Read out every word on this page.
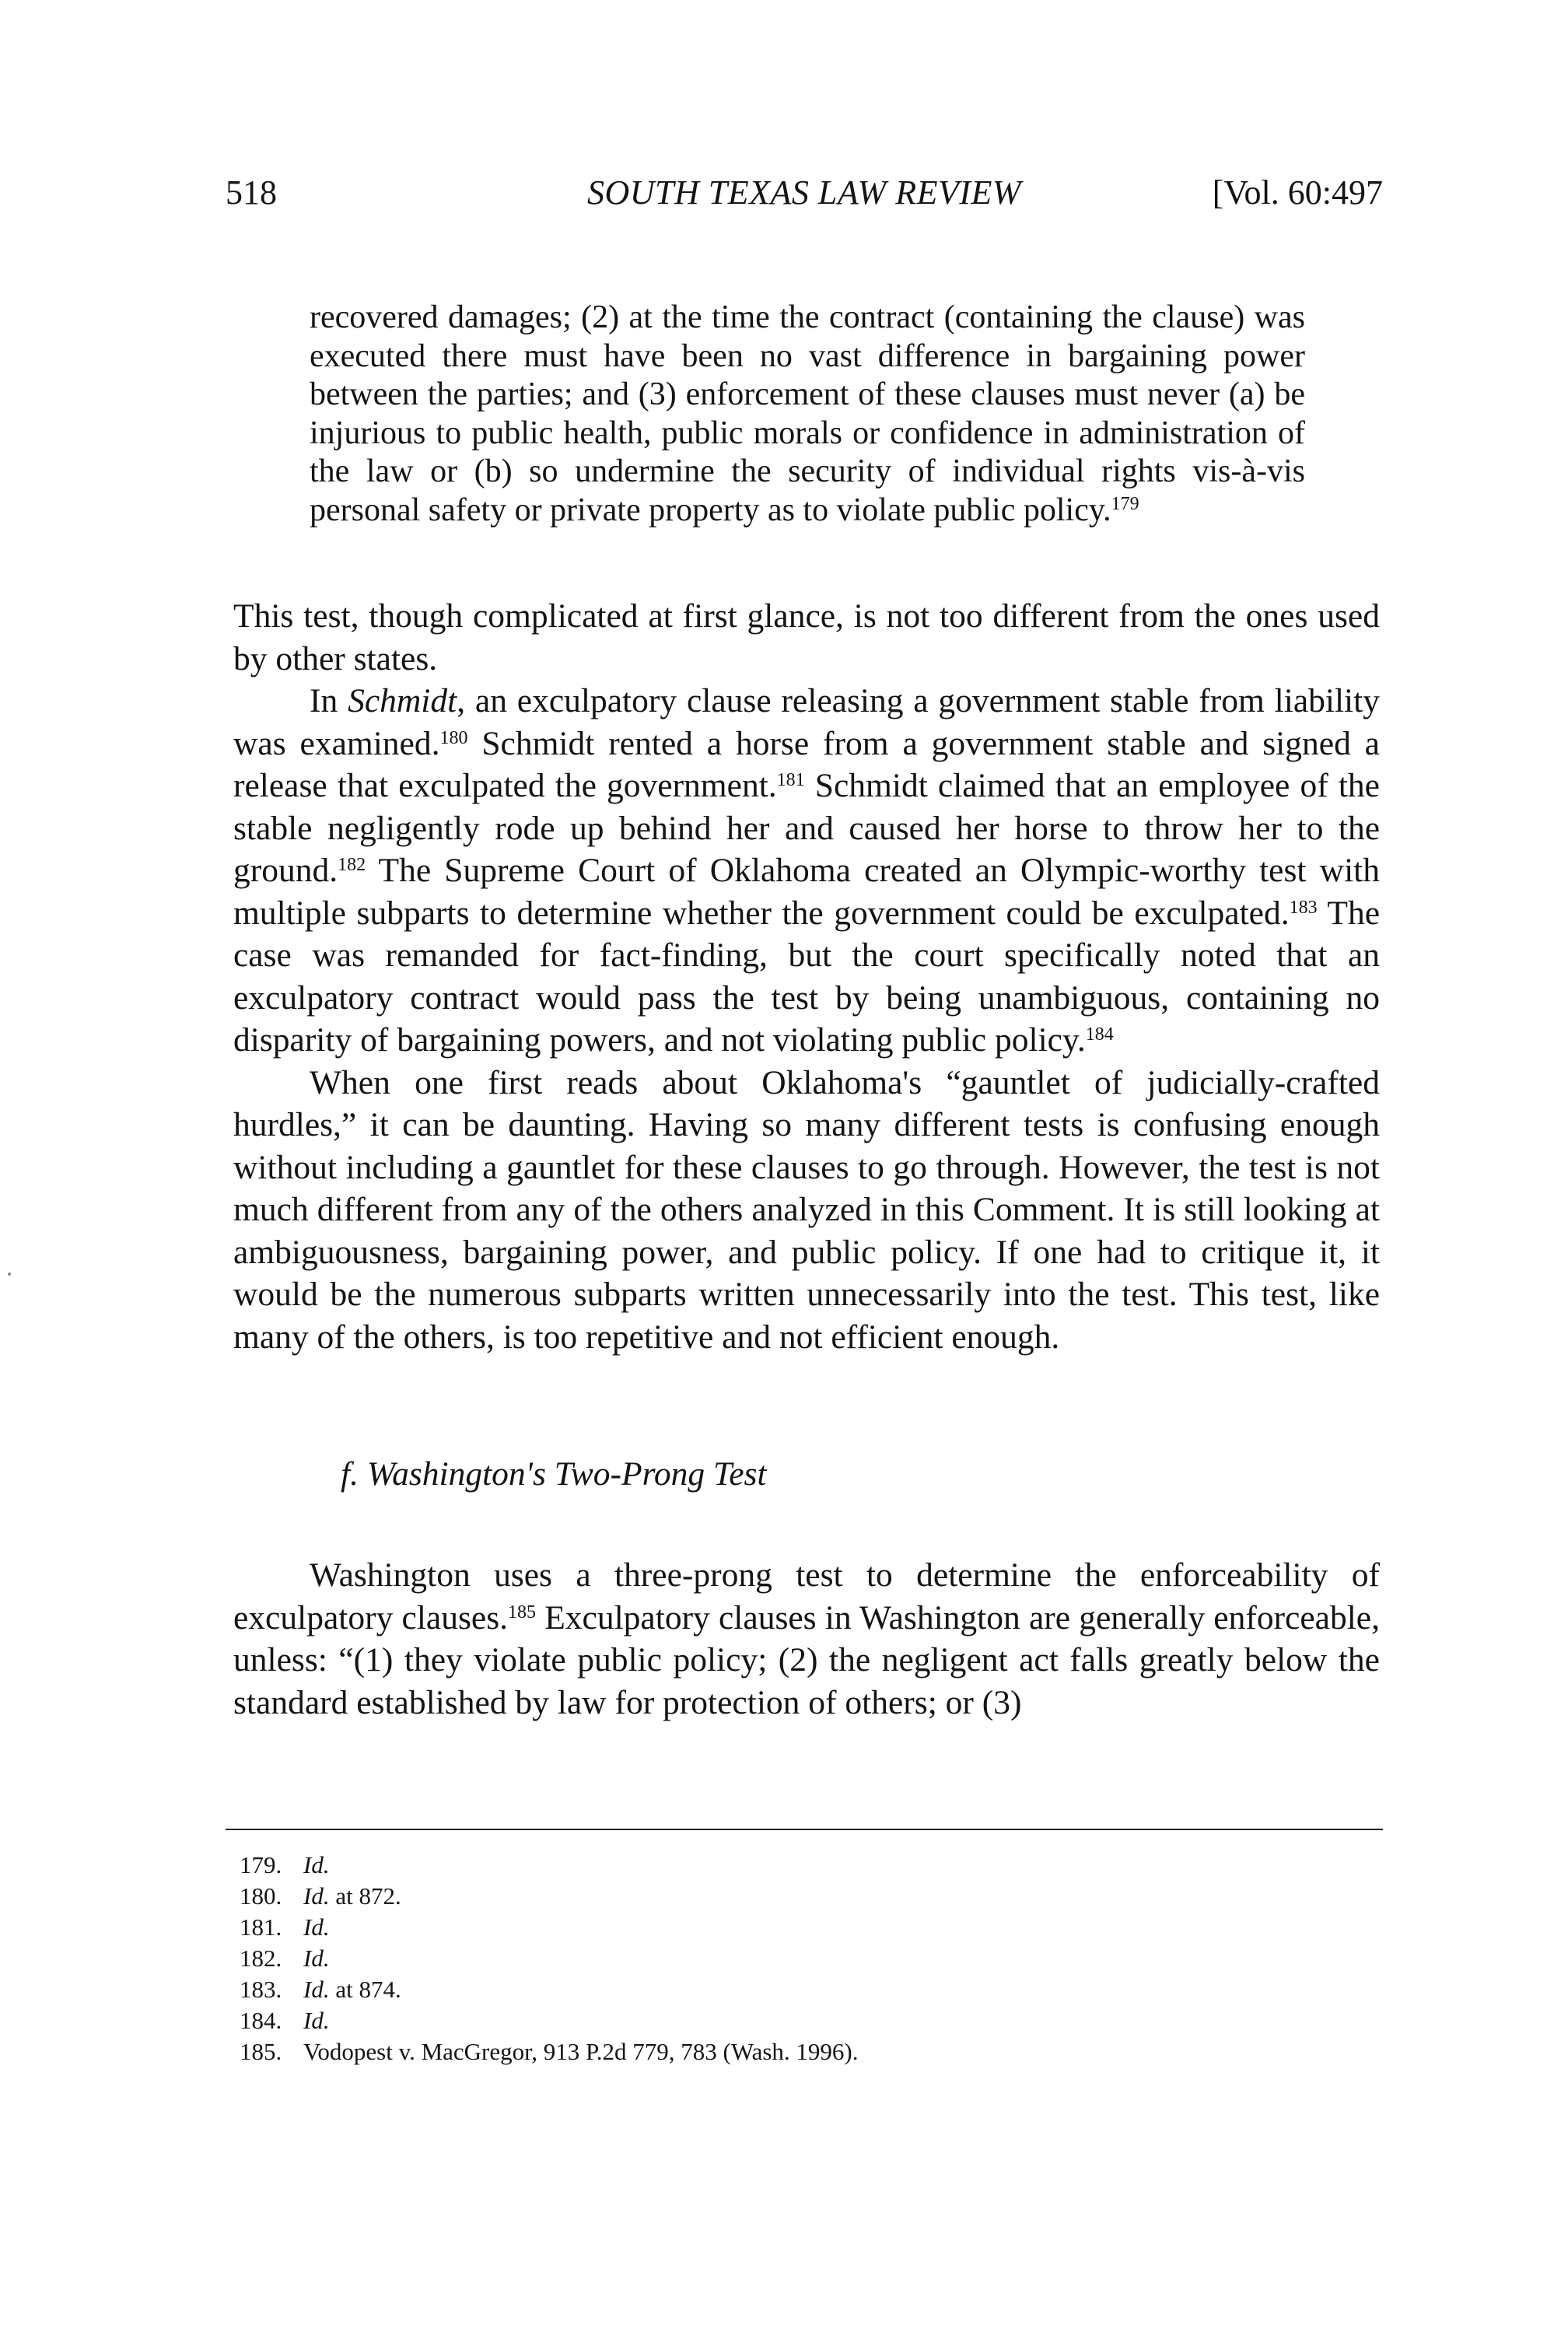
518	SOUTH TEXAS LAW REVIEW	[Vol. 60:497
recovered damages; (2) at the time the contract (containing the clause) was executed there must have been no vast difference in bargaining power between the parties; and (3) enforcement of these clauses must never (a) be injurious to public health, public morals or confidence in administration of the law or (b) so undermine the security of individual rights vis-à-vis personal safety or private property as to violate public policy.$^{179}$

This test, though complicated at first glance, is not too different from the ones used by other states.

In Schmidt, an exculpatory clause releasing a government stable from liability was examined.$^{180}$ Schmidt rented a horse from a government stable and signed a release that exculpated the government.$^{181}$ Schmidt claimed that an employee of the stable negligently rode up behind her and caused her horse to throw her to the ground.$^{182}$ The Supreme Court of Oklahoma created an Olympic-worthy test with multiple subparts to determine whether the government could be exculpated.$^{183}$ The case was remanded for fact-finding, but the court specifically noted that an exculpatory contract would pass the test by being unambiguous, containing no disparity of bargaining powers, and not violating public policy.$^{184}$

When one first reads about Oklahoma's “gauntlet of judicially-crafted hurdles,” it can be daunting. Having so many different tests is confusing enough without including a gauntlet for these clauses to go through. However, the test is not much different from any of the others analyzed in this Comment. It is still looking at ambiguousness, bargaining power, and public policy. If one had to critique it, it would be the numerous subparts written unnecessarily into the test. This test, like many of the others, is too repetitive and not efficient enough.

f. Washington's Two-Prong Test

Washington uses a three-prong test to determine the enforceability of exculpatory clauses.$^{185}$ Exculpatory clauses in Washington are generally enforceable, unless: “(1) they violate public policy; (2) the negligent act falls greatly below the standard established by law for protection of others; or (3)

179. Id.
180. Id. at 872.
181. Id.
182. Id.
183. Id. at 874.
184. Id.
185. Vodopest v. MacGregor, 913 P.2d 779, 783 (Wash. 1996).
